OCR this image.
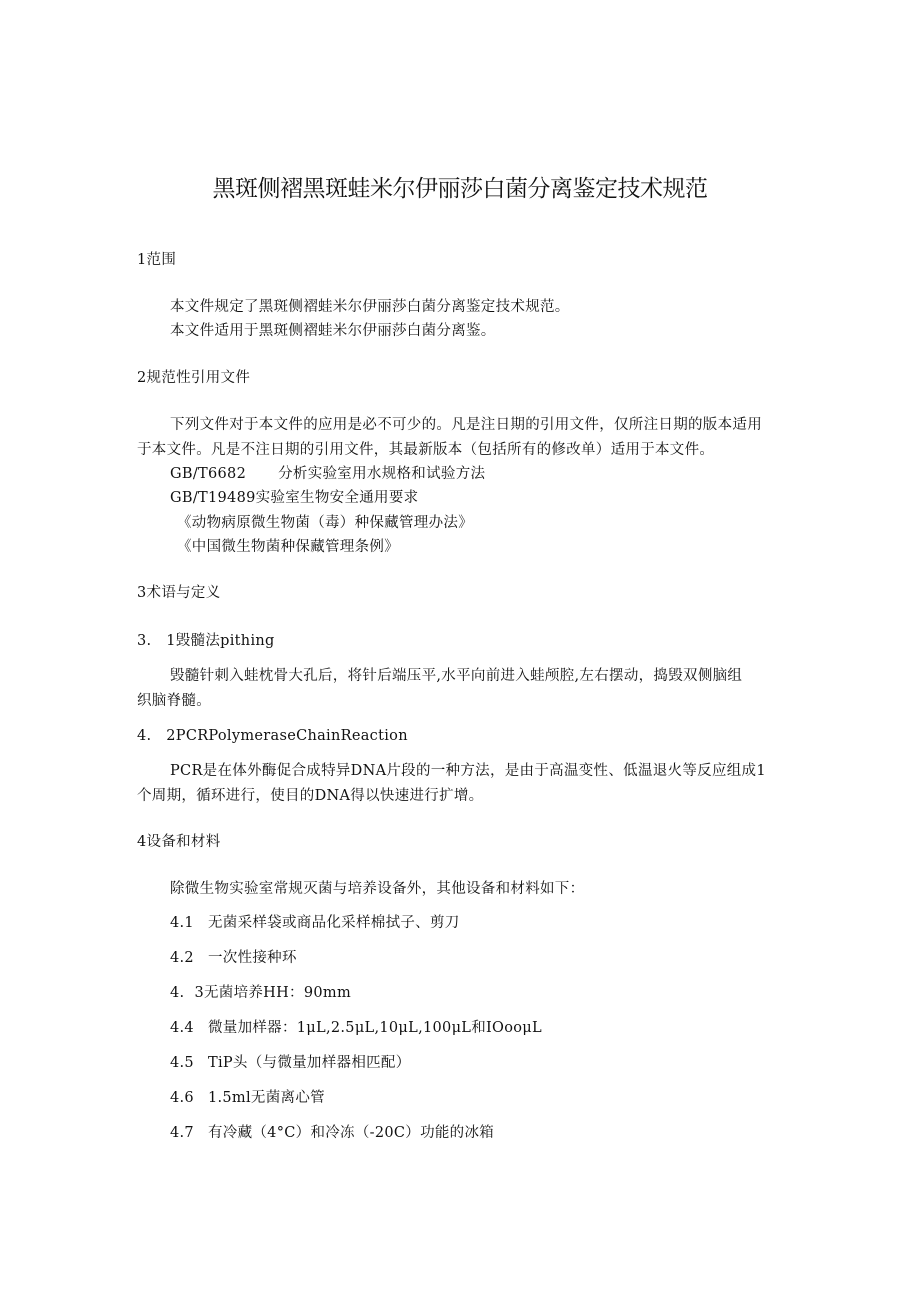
黑斑侧褶黑斑蛙米尔伊丽莎白菌分离鉴定技术规范
1范围
本文件规定了黑斑侧褶蛙米尔伊丽莎白菌分离鉴定技术规范。
本文件适用于黑斑侧褶蛙米尔伊丽莎白菌分离鉴。
2规范性引用文件
下列文件对于本文件的应用是必不可少的。凡是注日期的引用文件，仅所注日期的版本适用
于本文件。凡是不注日期的引用文件，其最新版本（包括所有的修改单）适用于本文件。
GB/T6682 分析实验室用水规格和试验方法
GB/T19489实验室生物安全通用要求
《动物病原微生物菌（毒）种保藏管理办法》
《中国微生物菌种保藏管理条例》
3术语与定义
3.　1毁髓法pithing
毁髓针刺入蛙枕骨大孔后，将针后端压平,水平向前进入蛙颅腔,左右摆动，捣毁双侧脑组
织脑脊髓。
4.　2PCRPolymeraseChainReaction
PCR是在体外酶促合成特异DNA片段的一种方法，是由于高温变性、低温退火等反应组成1
个周期，循环进行，使目的DNA得以快速进行扩增。
4设备和材料
除微生物实验室常规灭菌与培养设备外，其他设备和材料如下：
4.1 无菌采样袋或商品化采样棉拭子、剪刀
4.2 一次性接种环
4. 3无菌培养HH：90mm
4.4 微量加样器：1μL,2.5μL,10μL,100μL和IOooμL
4.5 TiP头（与微量加样器相匹配）
4.6 1.5ml无菌离心管
4.7 有冷藏（4°C）和冷冻（-20C）功能的冰箱
